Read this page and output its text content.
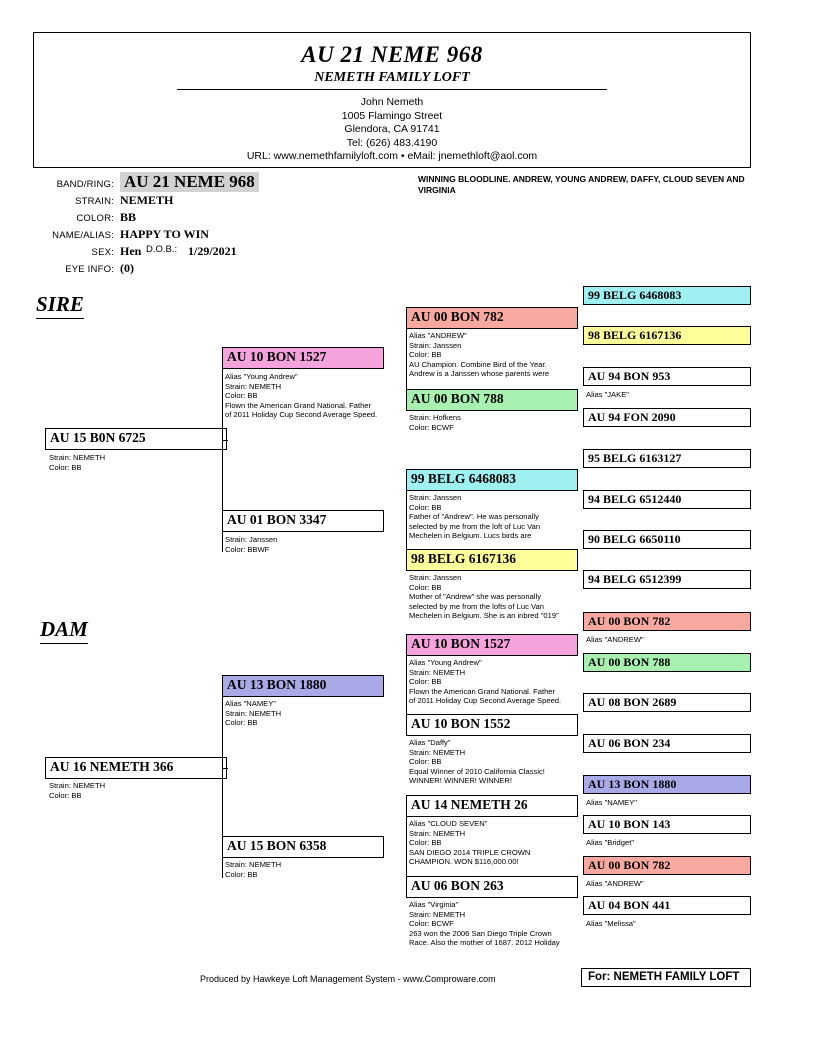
AU 21 NEME 968
NEMETH FAMILY LOFT
John Nemeth
1005 Flamingo Street
Glendora, CA 91741
Tel: (626) 483.4190
URL: www.nemethfamilyloft.com • eMail: jnemethloft@aol.com
BAND/RING: AU 21 NEME 968
STRAIN: NEMETH
COLOR: BB
NAME/ALIAS: HAPPY TO WIN
SEX: Hen D.O.B.: 1/29/2021
EYE INFO: (0)
WINNING BLOODLINE. ANDREW, YOUNG ANDREW, DAFFY, CLOUD SEVEN AND VIRGINIA
SIRE
DAM
AU 15 B0N 6725
Strain: NEMETH
Color: BB
AU 10 BON 1527
Alias "Young Andrew"
Strain: NEMETH
Color: BB
Flown the American Grand National. Father
of 2011 Holiday Cup Second Average Speed.
AU 01 BON 3347
Strain: Janssen
Color: BBWF
AU 00 BON 782
Alias "ANDREW"
Strain: Janssen
Color: BB
AU Champion. Combine Bird of the Year.
Andrew is a Janssen whose parents were
AU 00 BON 788
Strain: Hofkens
Color: BCWF
99 BELG 6468083
Strain: Janssen
Color: BB
Father of "Andrew". He was personally
selected by me from the loft of Luc Van
Mechelen in Belgium. Lucs birds are
98 BELG 6167136
Strain: Janssen
Color: BB
Mother of "Andrew" she was personally
selected by me from the lofts of Luc Van
Mechelen in Belgium. She is an inbred "019"
99 BELG 6468083
98 BELG 6167136
AU 94 BON 953
Alias "JAKE"
AU 94 FON 2090
95 BELG 6163127
94 BELG 6512440
90 BELG 6650110
94 BELG 6512399
AU 16 NEMETH 366
Strain: NEMETH
Color: BB
AU 13 BON 1880
Alias "NAMEY"
Strain: NEMETH
Color: BB
AU 15 BON 6358
Strain: NEMETH
Color: BB
AU 10 BON 1527
Alias "Young Andrew"
Strain: NEMETH
Color: BB
Flown the American Grand National. Father
of 2011 Holiday Cup Second Average Speed.
AU 10 BON 1552
Alias "Daffy"
Strain: NEMETH
Color: BB
Equal Winner of 2010 California Classic!
WINNER! WINNER! WINNER!
AU 14 NEMETH 26
Alias "CLOUD SEVEN"
Strain: NEMETH
Color: BB
SAN DIEGO 2014 TRIPLE CROWN
CHAMPION. WON $116,000.00!
AU 06 BON 263
Alias "Virginia"
Strain: NEMETH
Color: BCWF
263 won the 2006 San Diego Triple Crown
Race. Also the mother of 1687. 2012 Holiday
AU 00 BON 782
Alias "ANDREW"
AU 00 BON 788
AU 08 BON 2689
AU 06 BON 234
AU 13 BON 1880
Alias "NAMEY"
AU 10 BON 143
Alias "Bridget"
AU 00 BON 782
Alias "ANDREW"
AU 04 BON 441
Alias "Melissa"
Produced by Hawkeye Loft Management System - www.Comproware.com	For: NEMETH FAMILY LOFT
